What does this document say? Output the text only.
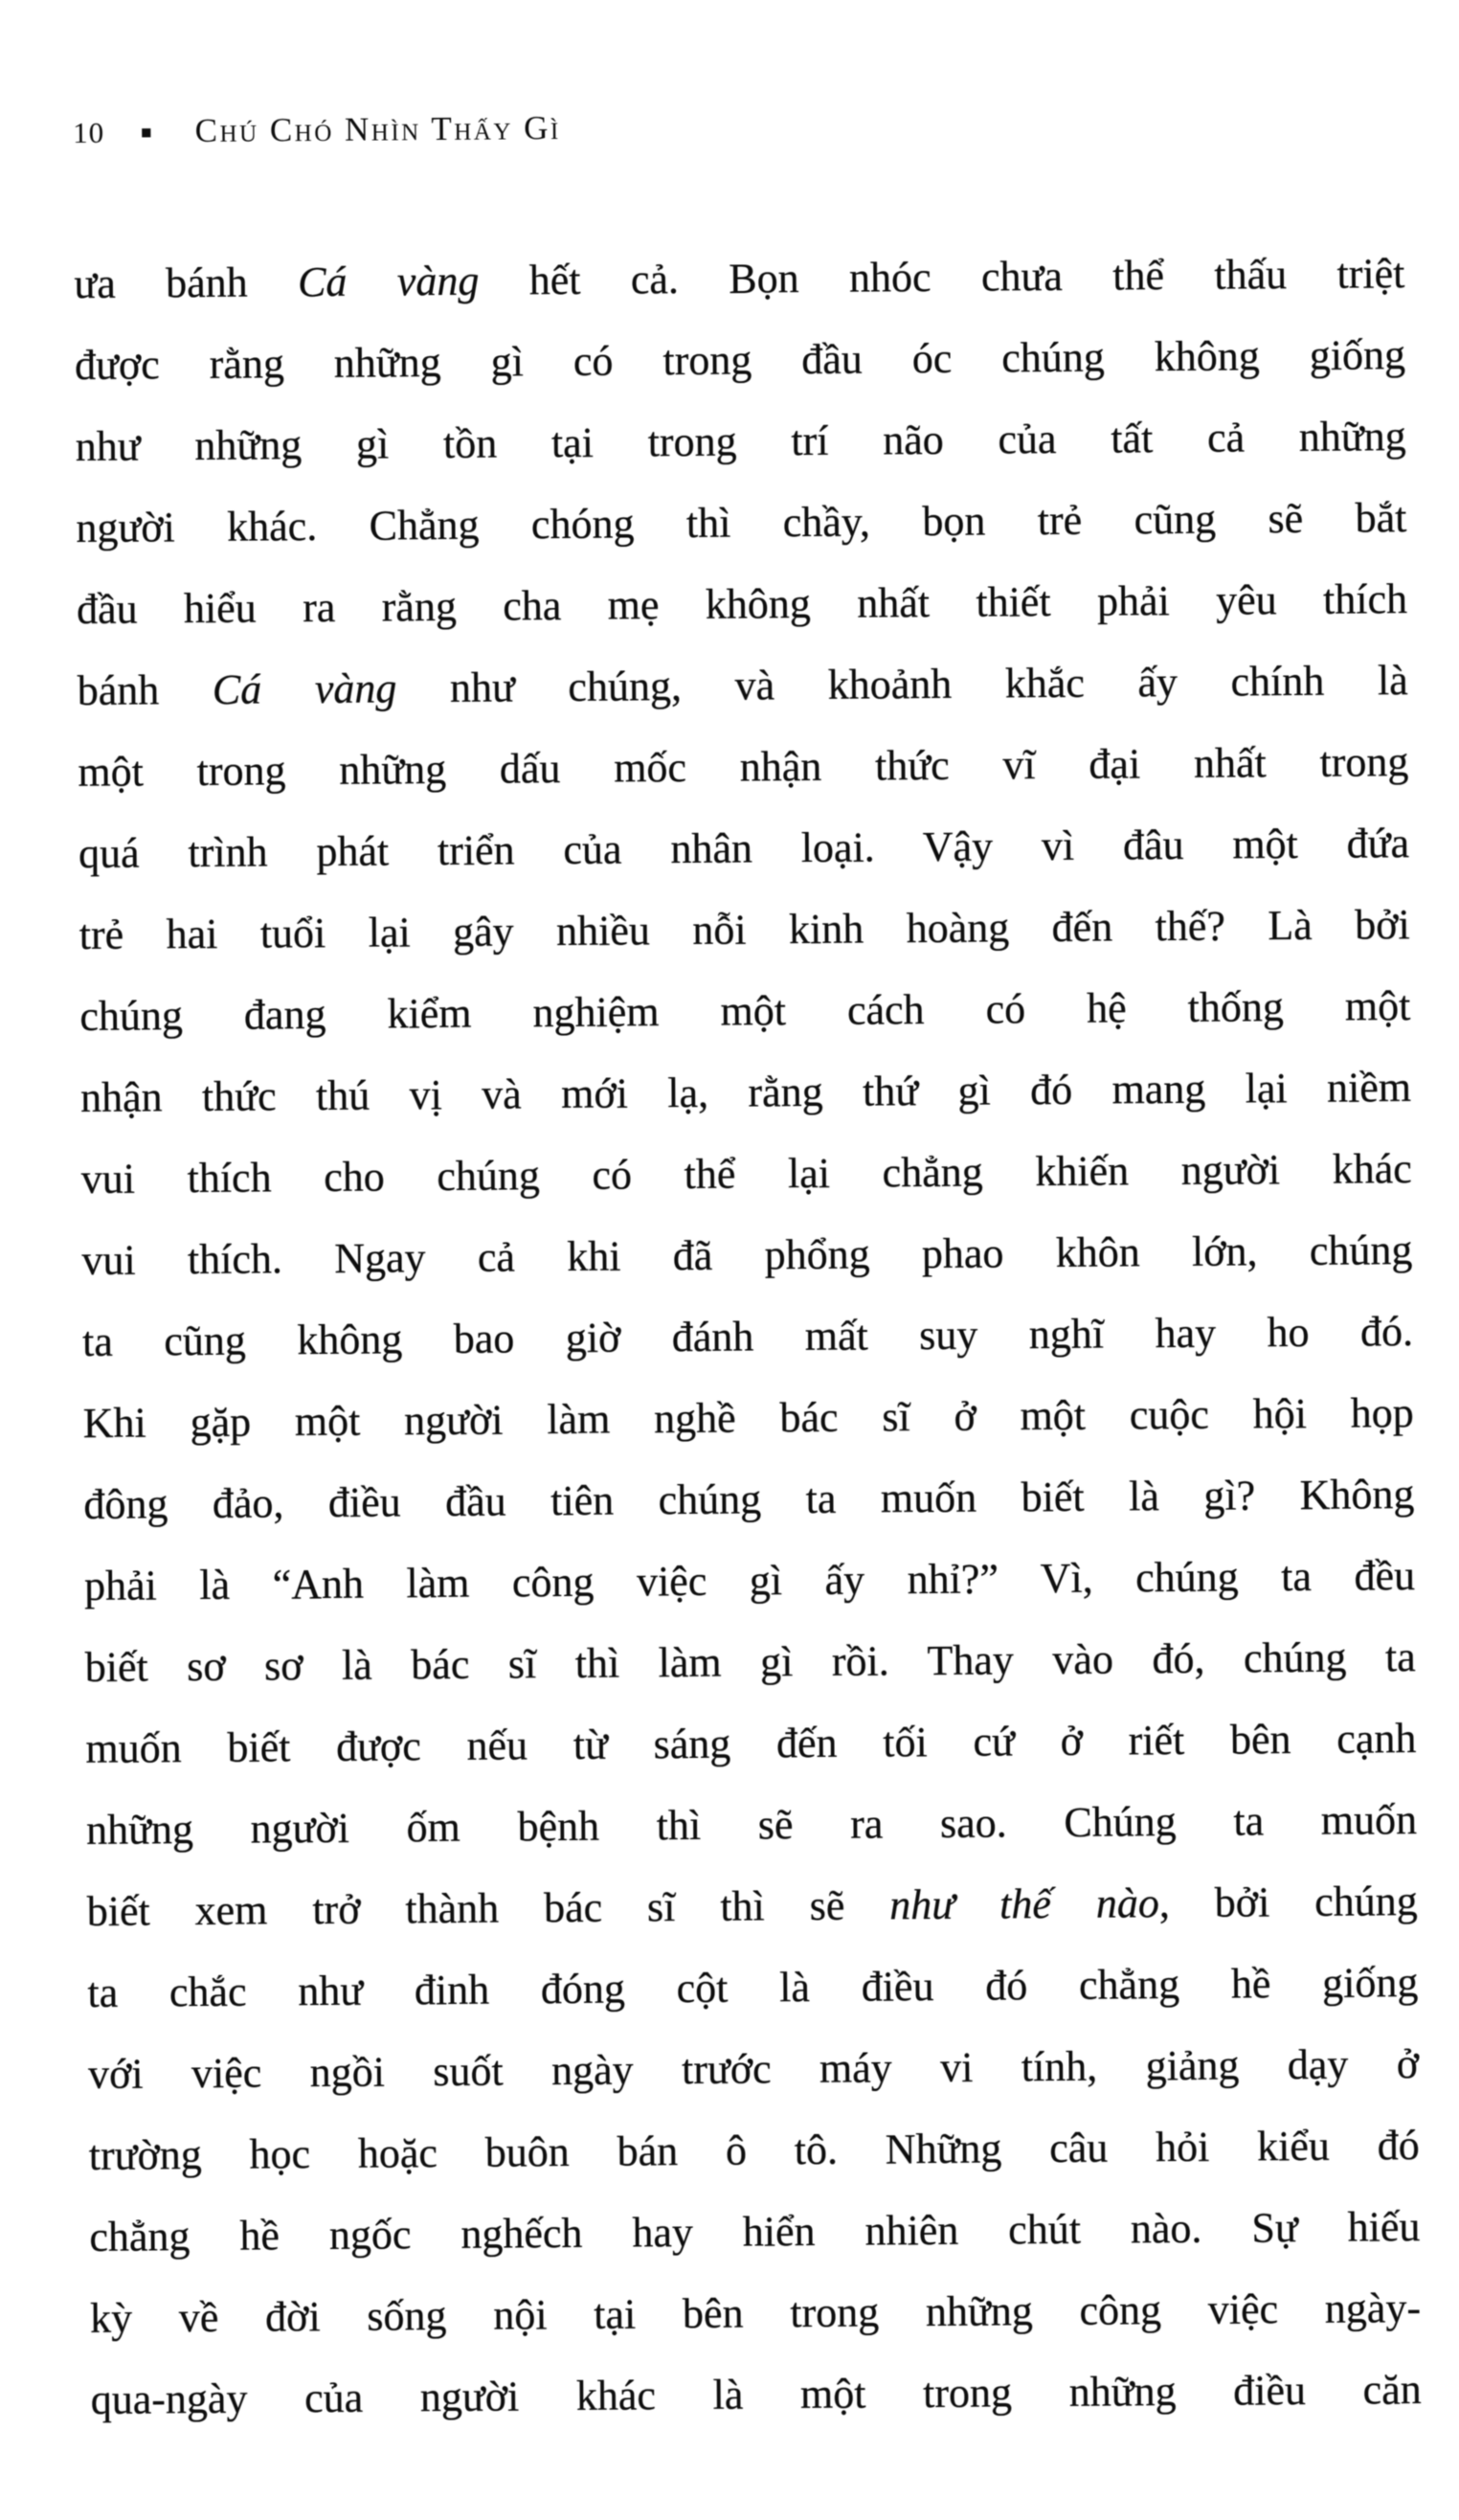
10 ■ Chú Chó Nhìn Thấy Gì

ưa bánh Cá vàng hết cả. Bọn nhóc chưa thể thấu triệt

được rằng những gì có trong đầu óc chúng không giống

như những gì tồn tại trong trí não của tất cả những

người khác. Chẳng chóng thì chầy, bọn trẻ cũng sẽ bắt

đầu hiểu ra rằng cha mẹ không nhất thiết phải yêu thích

bánh Cá vàng như chúng, và khoảnh khắc ấy chính là

một trong những dấu mốc nhận thức vĩ đại nhất trong

quá trình phát triển của nhân loại. Vậy vì đâu một đứa

trẻ hai tuổi lại gây nhiều nỗi kinh hoàng đến thế? Là bởi

chúng đang kiểm nghiệm một cách có hệ thống một

nhận thức thú vị và mới lạ, rằng thứ gì đó mang lại niềm

vui thích cho chúng có thể lại chẳng khiến người khác

vui thích. Ngay cả khi đã phổng phao khôn lớn, chúng

ta cũng không bao giờ đánh mất suy nghĩ hay ho đó.

Khi gặp một người làm nghề bác sĩ ở một cuộc hội họp

đông đảo, điều đầu tiên chúng ta muốn biết là gì? Không

phải là “Anh làm công việc gì ấy nhỉ?” Vì, chúng ta đều

biết sơ sơ là bác sĩ thì làm gì rồi. Thay vào đó, chúng ta

muốn biết được nếu từ sáng đến tối cứ ở riết bên cạnh

những người ốm bệnh thì sẽ ra sao. Chúng ta muốn

biết xem trở thành bác sĩ thì sẽ như thế nào, bởi chúng

ta chắc như đinh đóng cột là điều đó chẳng hề giống

với việc ngồi suốt ngày trước máy vi tính, giảng dạy ở

trường học hoặc buôn bán ô tô. Những câu hỏi kiểu đó

chẳng hề ngốc nghếch hay hiển nhiên chút nào. Sự hiếu

kỳ về đời sống nội tại bên trong những công việc ngày-

qua-ngày của người khác là một trong những điều căn
